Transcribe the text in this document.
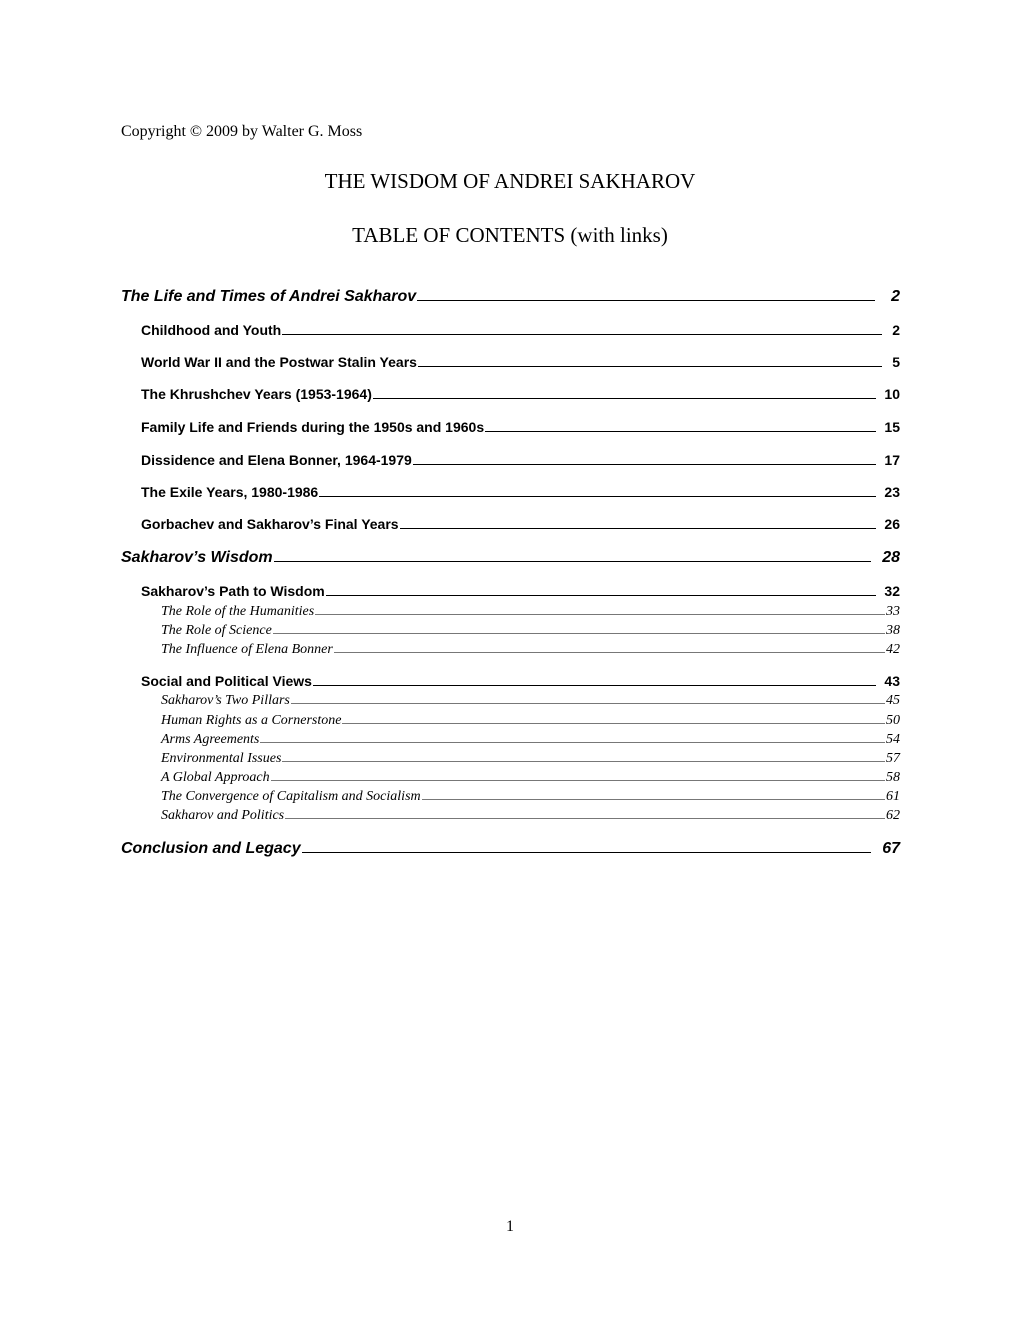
Copyright © 2009 by Walter G. Moss
THE WISDOM OF ANDREI SAKHAROV
TABLE OF CONTENTS (with links)
The Life and Times of Andrei Sakharov	2
Childhood and Youth	2
World War II and the Postwar Stalin Years	5
The Khrushchev Years (1953-1964)	10
Family Life and Friends during the 1950s and 1960s	15
Dissidence and Elena Bonner, 1964-1979	17
The Exile Years, 1980-1986	23
Gorbachev and Sakharov’s Final Years	26
Sakharov’s Wisdom	28
Sakharov’s Path to Wisdom	32
The Role of the Humanities	33
The Role of Science	38
The Influence of Elena Bonner	42
Social and Political Views	43
Sakharov’s Two Pillars	45
Human Rights as a Cornerstone	50
Arms Agreements	54
Environmental Issues	57
A Global Approach	58
The Convergence of Capitalism and Socialism	61
Sakharov and Politics	62
Conclusion and Legacy	67
1
